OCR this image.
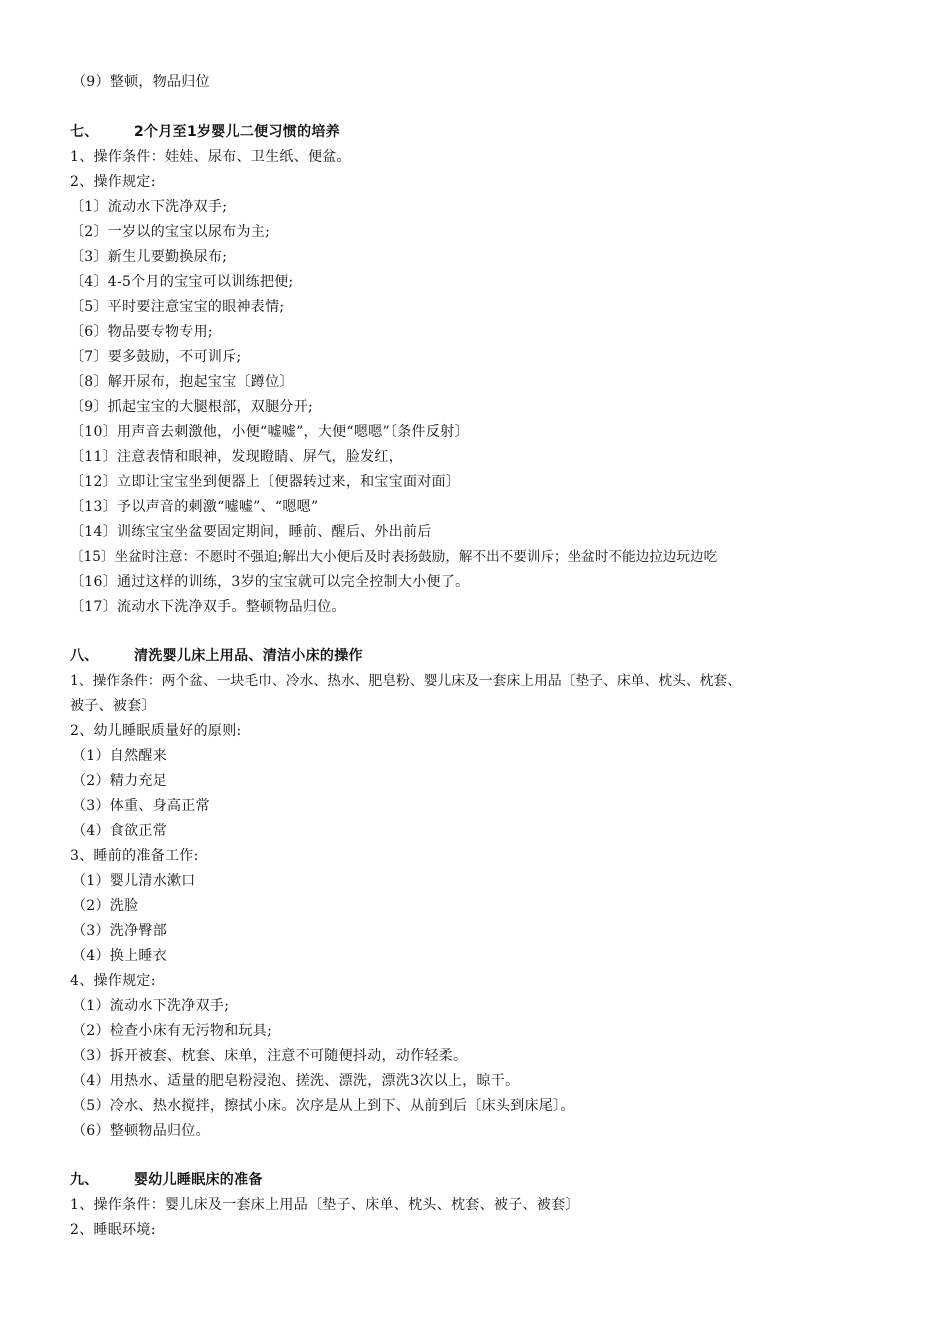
（9）整顿，物品归位
七、	2个月至1岁婴儿二便习惯的培养
1、操作条件：娃娃、尿布、卫生纸、便盆。
2、操作规定:
〔1〕流动水下洗净双手;
〔2〕一岁以的宝宝以尿布为主;
〔3〕新生儿要勤换尿布;
〔4〕4-5个月的宝宝可以训练把便;
〔5〕平时要注意宝宝的眼神表情;
〔6〕物品要专物专用;
〔7〕要多鼓励，不可训斥;
〔8〕解开尿布，抱起宝宝〔蹲位〕
〔9〕抓起宝宝的大腿根部，双腿分开;
〔10〕用声音去刺激他，小便“嘘嘘”，大便“嗯嗯”〔条件反射〕
〔11〕注意表情和眼神，发现瞪睛、屏气，脸发红，
〔12〕立即让宝宝坐到便器上〔便器转过来，和宝宝面对面〕
〔13〕予以声音的刺激“嘘嘘”、“嗯嗯”
〔14〕训练宝宝坐盆要固定期间，睡前、醒后、外出前后
〔15〕坐盆时注意：不愿时不强迫;解出大小便后及时表扬鼓励，解不出不要训斥；坐盆时不能边拉边玩边吃
〔16〕通过这样的训练，3岁的宝宝就可以完全控制大小便了。
〔17〕流动水下洗净双手。整顿物品归位。
八、	清洗婴儿床上用品、清洁小床的操作
1、操作条件：两个盆、一块毛巾、冷水、热水、肥皂粉、婴儿床及一套床上用品〔垫子、床单、枕头、枕套、
被子、被套〕
2、幼儿睡眠质量好的原则:
（1）自然醒来
（2）精力充足
（3）体重、身高正常
（4）食欲正常
3、睡前的准备工作:
（1）婴儿清水漱口
（2）洗脸
（3）洗净臀部
（4）换上睡衣
4、操作规定:
（1）流动水下洗净双手;
（2）检查小床有无污物和玩具;
（3）拆开被套、枕套、床单，注意不可随便抖动，动作轻柔。
（4）用热水、适量的肥皂粉浸泡、搓洗、漂洗，漂洗3次以上，晾干。
（5）冷水、热水搅拌，擦拭小床。次序是从上到下、从前到后〔床头到床尾〕。
（6）整顿物品归位。
九、	婴幼儿睡眠床的准备
1、操作条件：婴儿床及一套床上用品〔垫子、床单、枕头、枕套、被子、被套〕
2、睡眠环境:
